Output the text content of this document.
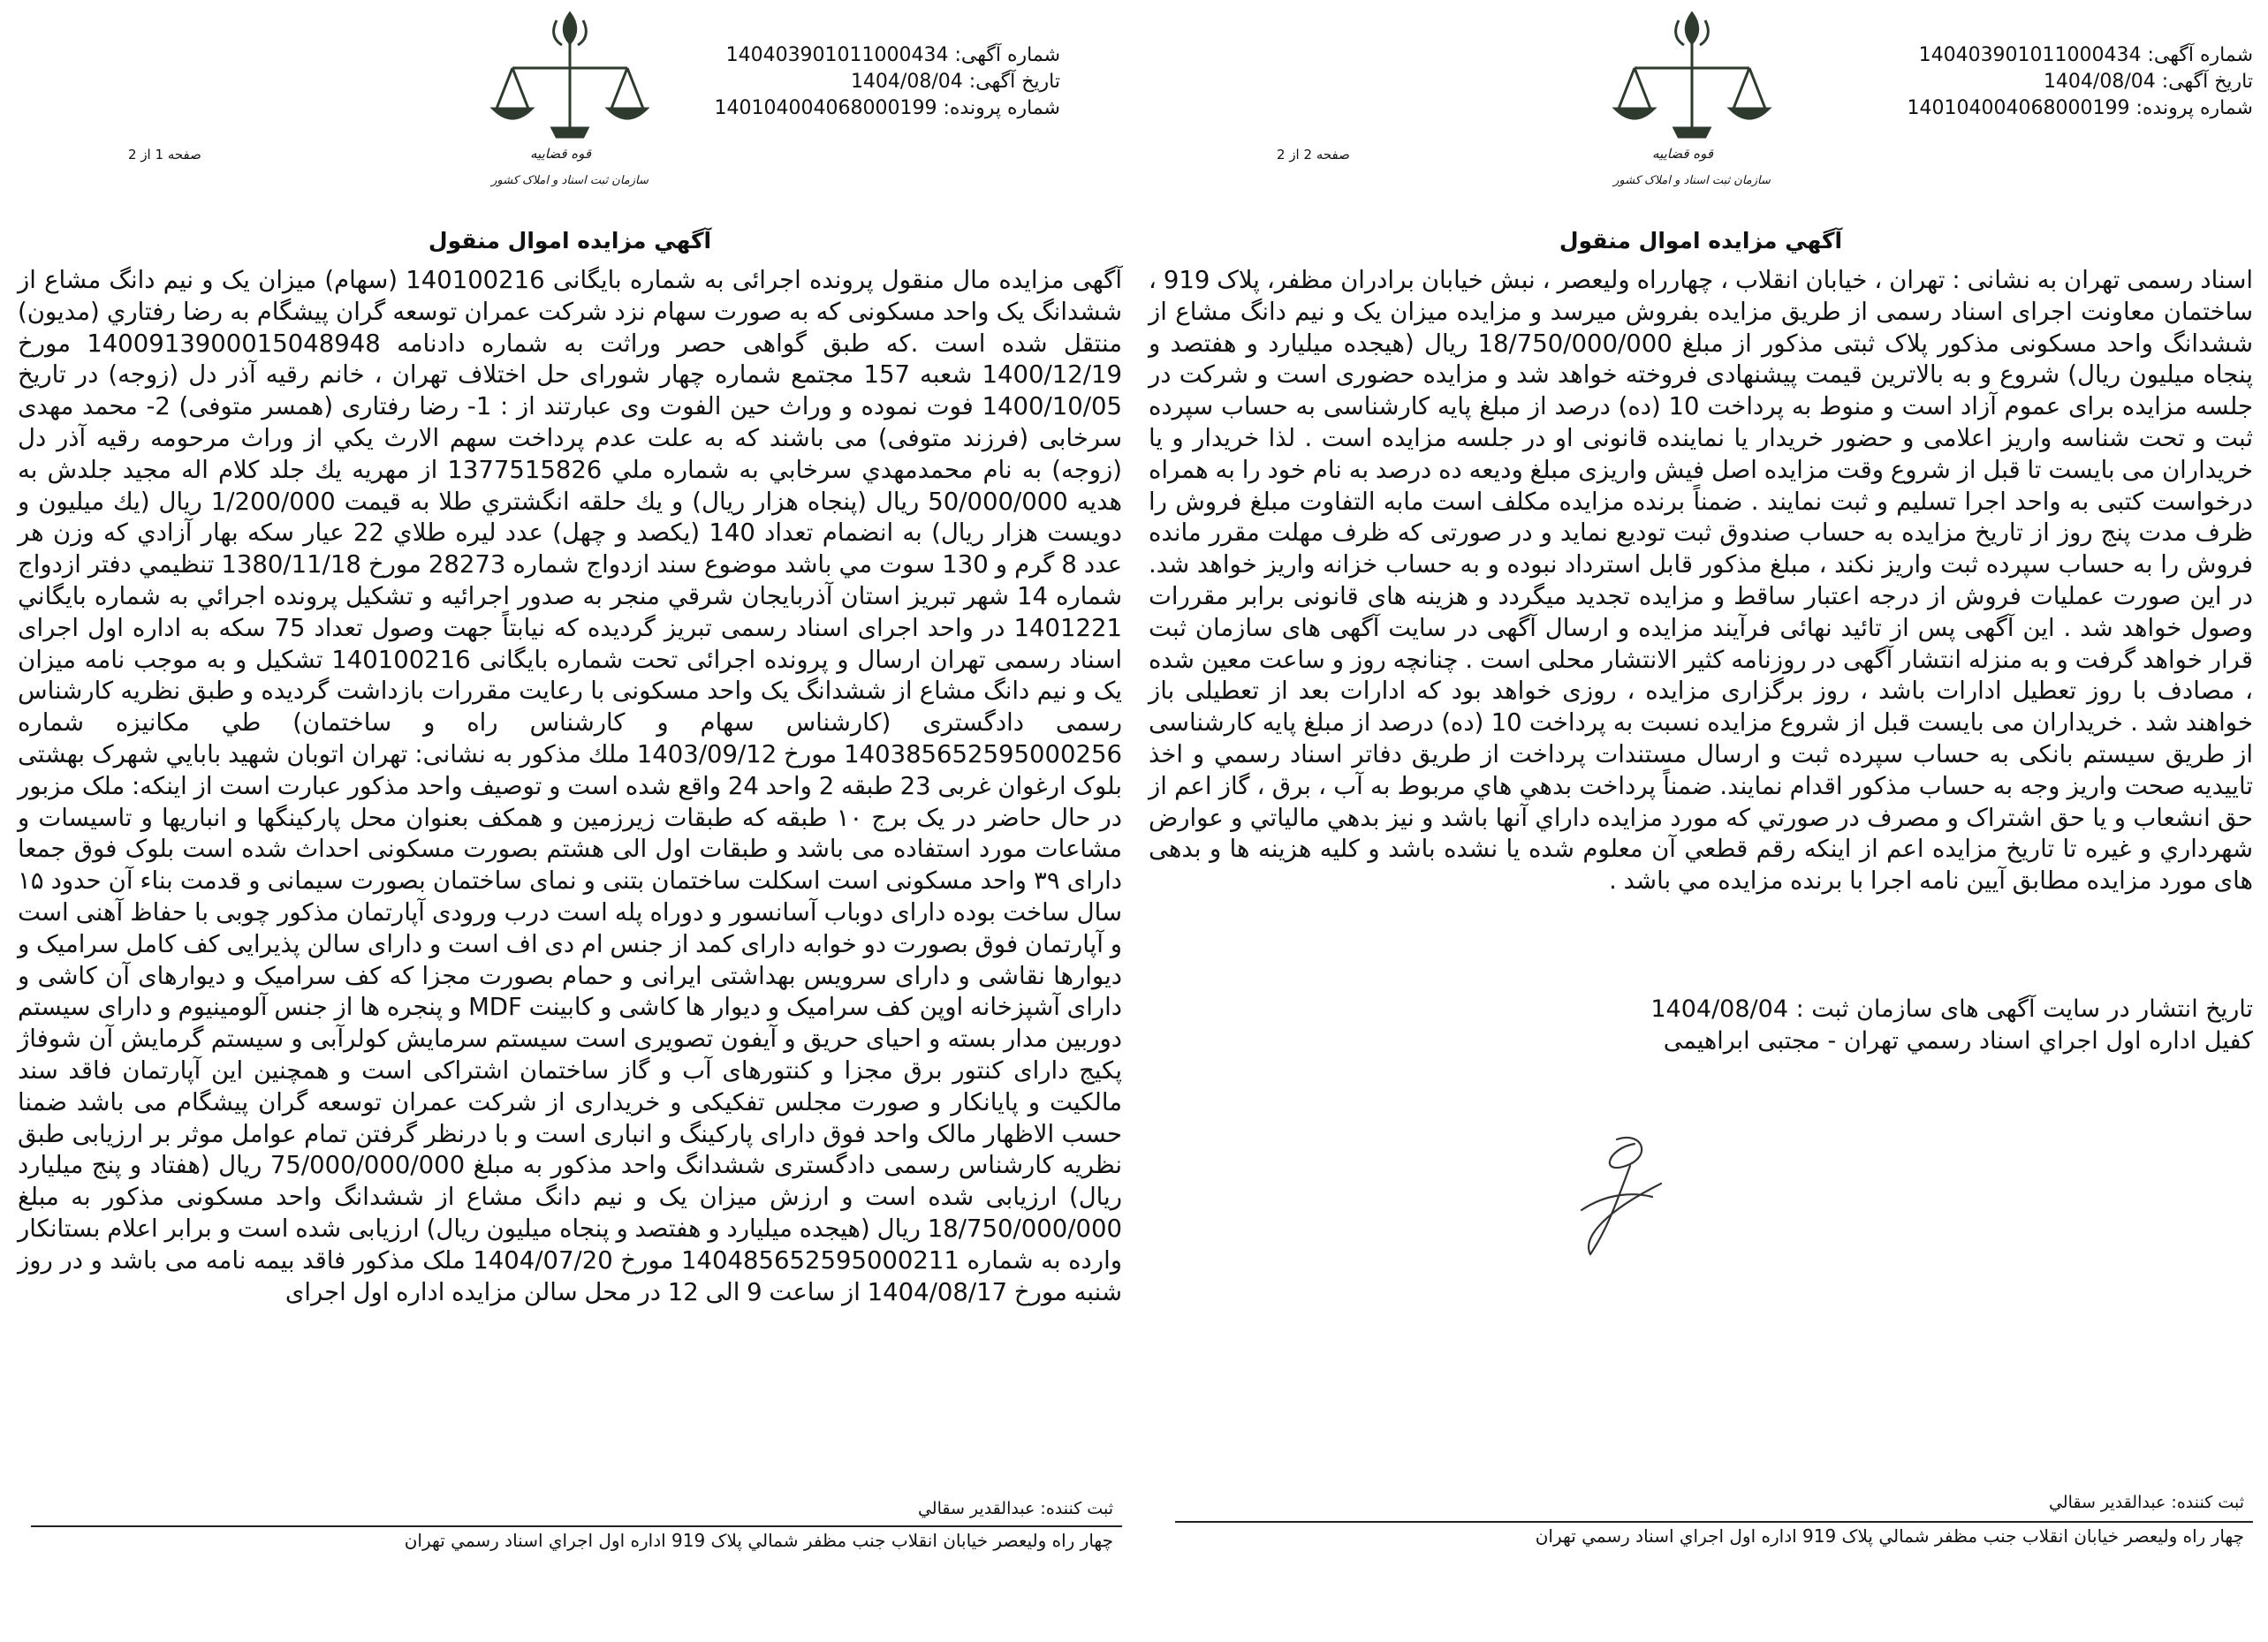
شماره آگهی: 140403901011000434
تاریخ آگهی: 1404/08/04
شماره پرونده: 140104004068000199
قوه قضاییه
سازمان ثبت اسناد و املاک کشور
صفحه 2 از 2
آگهي مزايده اموال منقول
اسناد رسمی تهران به نشانی : تهران ، خیابان انقلاب ، چهارراه ولیعصر ، نبش خیابان برادران مظفر، پلاک 919 ، ساختمان معاونت اجرای اسناد رسمی از طریق مزایده بفروش میرسد و مزایده میزان یک و نیم دانگ مشاع از ششدانگ واحد مسکونی مذکور پلاک ثبتی مذکور از مبلغ 18/750/000/000 ریال (هیجده میلیارد و هفتصد و پنجاه میلیون ریال) شروع و به بالاترین قیمت پیشنهادی فروخته خواهد شد و مزایده حضوری است و شرکت در جلسه مزایده برای عموم آزاد است و منوط به پرداخت 10 (ده) درصد از مبلغ پایه کارشناسی به حساب سپرده ثبت و تحت شناسه واریز اعلامی و حضور خریدار یا نماینده قانونی او در جلسه مزایده است . لذا خریدار و یا خریداران می بایست تا قبل از شروع وقت مزایده اصل فیش واریزی مبلغ ودیعه ده درصد به نام خود را به همراه درخواست کتبی به واحد اجرا تسلیم و ثبت نمایند . ضمناً برنده مزایده مکلف است مابه التفاوت مبلغ فروش را ظرف مدت پنج روز از تاریخ مزایده به حساب صندوق ثبت تودیع نماید و در صورتی که ظرف مهلت مقرر مانده فروش را به حساب سپرده ثبت واریز نکند ، مبلغ مذکور قابل استرداد نبوده و به حساب خزانه واریز خواهد شد. در این صورت عملیات فروش از درجه اعتبار ساقط و مزایده تجدید میگردد و هزینه های قانونی برابر مقررات وصول خواهد شد . این آگهی پس از تائید نهائی فرآیند مزایده و ارسال آگهی در سایت آگهی های سازمان ثبت قرار خواهد گرفت و به منزله انتشار آگهی در روزنامه کثیر الانتشار محلی است . چنانچه روز و ساعت معین شده ، مصادف با روز تعطیل ادارات باشد ، روز برگزاری مزایده ، روزی خواهد بود که ادارات بعد از تعطیلی باز خواهند شد . خریداران می بایست قبل از شروع مزایده نسبت به پرداخت 10 (ده) درصد از مبلغ پایه کارشناسی از طریق سیستم بانکی به حساب سپرده ثبت و ارسال مستندات پرداخت از طریق دفاتر اسناد رسمي و اخذ تاييديه صحت واريز وجه به حساب مذکور اقدام نمایند. ضمناً پرداخت بدهي هاي مربوط به آب ، برق ، گاز اعم از حق انشعاب و يا حق اشتراک و مصرف در صورتي که مورد مزايده داراي آنها باشد و نيز بدهي مالياتي و عوارض شهرداري و غيره تا تاريخ مزايده اعم از اينکه رقم قطعي آن معلوم شده يا نشده باشد و کليه هزينه ها و بدهی های مورد مزایده مطابق آیین نامه اجرا با برنده مزايده مي باشد .
تاریخ انتشار در سایت آگهی های سازمان ثبت : 1404/08/04
کفیل اداره اول اجراي اسناد رسمي تهران - مجتبی ابراهیمی
ثبت کننده: عبدالقدير سقالي
چهار راه وليعصر خيابان انقلاب جنب مظفر شمالي پلاک 919 اداره اول اجراي اسناد رسمي تهران
شماره آگهی: 140403901011000434
تاریخ آگهی: 1404/08/04
شماره پرونده: 140104004068000199
قوه قضاییه
سازمان ثبت اسناد و املاک کشور
صفحه 1 از 2
آگهي مزايده اموال منقول
آگهی مزایده مال منقول پرونده اجرائی به شماره بایگانی 140100216 (سهام) میزان یک و نیم دانگ مشاع از ششدانگ یک واحد مسکونی که به صورت سهام نزد شرکت عمران توسعه گران پیشگام به رضا رفتاري (مدیون) منتقل شده است .که طبق گواهی حصر وراثت به شماره دادنامه 140091390001504894‌8 مورخ 1400/12/19 شعبه 157 مجتمع شماره چهار شورای حل اختلاف تهران ، خانم رقیه آذر دل (زوجه) در تاریخ 1400/10/05 فوت نموده و وراث حین الفوت وی عبارتند از : 1- رضا رفتاری (همسر متوفی) 2- محمد مهدی سرخابی (فرزند متوفی) می باشند که به علت عدم پرداخت سهم الارث يكي از وراث مرحومه رقيه آذر دل (زوجه) به نام محمدمهدي سرخابي به شماره ملي 1377515826 از مهريه يك جلد كلام اله مجيد جلدش به هديه 50/000/000 ريال (پنجاه هزار ريال) و يك حلقه انگشتري طلا به قيمت 1/200/000 ريال (يك ميليون و دويست هزار ريال) به انضمام تعداد 140 (يكصد و چهل) عدد ليره طلاي 22 عيار سكه بهار آزادي كه وزن هر عدد 8 گرم و 130 سوت مي باشد موضوع سند ازدواج شماره 28273 مورخ 1380/11/18 تنظيمي دفتر ازدواج شماره 14 شهر تبريز استان آذربايجان شرقي منجر به صدور اجرائيه و تشكيل پرونده اجرائي به شماره بايگاني 1401221 در واحد اجرای اسناد رسمی تبریز گردیده که نیابتاً جهت وصول تعداد 75 سکه به اداره اول اجرای اسناد رسمی تهران ارسال و پرونده اجرائی تحت شماره بایگانی 140100216 تشکیل و به موجب نامه میزان یک و نیم دانگ مشاع از ششدانگ یک واحد مسکونی با رعایت مقررات بازداشت گردیده و طبق نظریه کارشناس رسمی دادگستری (کارشناس سهام و کارشناس راه و ساختمان) طي مكانيزه شماره 14038565259500025‌6 مورخ 1403/09/12 ملك مذكور به نشانی: تهران اتوبان شهيد بابايي شهرک بهشتی بلوک ارغوان غربی 23 طبقه 2 واحد 24 واقع شده است و توصیف واحد مذکور عبارت است از اینکه: ملک مزبور در حال حاضر در یک برج ۱۰ طبقه که طبقات زیرزمین و همکف بعنوان محل پارکینگها و انباریها و تاسیسات و مشاعات مورد استفاده می باشد و طبقات اول الی هشتم بصورت مسکونی احداث شده است بلوک فوق جمعا دارای ۳۹ واحد مسکونی است اسکلت ساختمان بتنی و نمای ساختمان بصورت سیمانی و قدمت بناء آن حدود ۱۵ سال ساخت بوده دارای دوباب آسانسور و دوراه پله است درب ورودی آپارتمان مذکور چوبی با حفاظ آهنی است و آپارتمان فوق بصورت دو خوابه دارای کمد از جنس ام دی اف است و دارای سالن پذیرایی کف کامل سرامیک و دیوارها نقاشی و دارای سرویس بهداشتی ایرانی و حمام بصورت مجزا که کف سرامیک و دیوارهای آن کاشی و دارای آشپزخانه اوپن کف سرامیک و دیوار ها کاشی و کابینت MDF و پنجره ها از جنس آلومینیوم و دارای سیستم دوربین مدار بسته و احیای حریق و آیفون تصویری است سیستم سرمایش کولرآبی و سیستم گرمایش آن شوفاژ پکیج دارای کنتور برق مجزا و کنتورهای آب و گاز ساختمان اشتراکی است و همچنین این آپارتمان فاقد سند مالکیت و پایانکار و صورت مجلس تفکیکی و خریداری از شرکت عمران توسعه گران پیشگام می باشد ضمنا حسب الاظهار مالک واحد فوق دارای پارکینگ و انباری است و با درنظر گرفتن تمام عوامل موثر بر ارزیابی طبق نظریه کارشناس رسمی دادگستری ششدانگ واحد مذکور به مبلغ 75/000/000/000 ریال (هفتاد و پنج میلیارد ریال) ارزیابی شده است و ارزش میزان یک و نیم دانگ مشاع از ششدانگ واحد مسکونی مذکور به مبلغ 18/750/000/000 ریال (هیجده میلیارد و هفتصد و پنجاه میلیون ریال) ارزیابی شده است و برابر اعلام بستانکار وارده به شماره 14048565259500021‌1 مورخ 1404/07/20 ملک مذکور فاقد بیمه نامه می باشد و در روز شنبه مورخ 1404/08/17 از ساعت 9 الی 12 در محل سالن مزایده اداره اول اجرای
ثبت کننده: عبدالقدير سقالي
چهار راه وليعصر خيابان انقلاب جنب مظفر شمالي پلاک 919 اداره اول اجراي اسناد رسمي تهران
